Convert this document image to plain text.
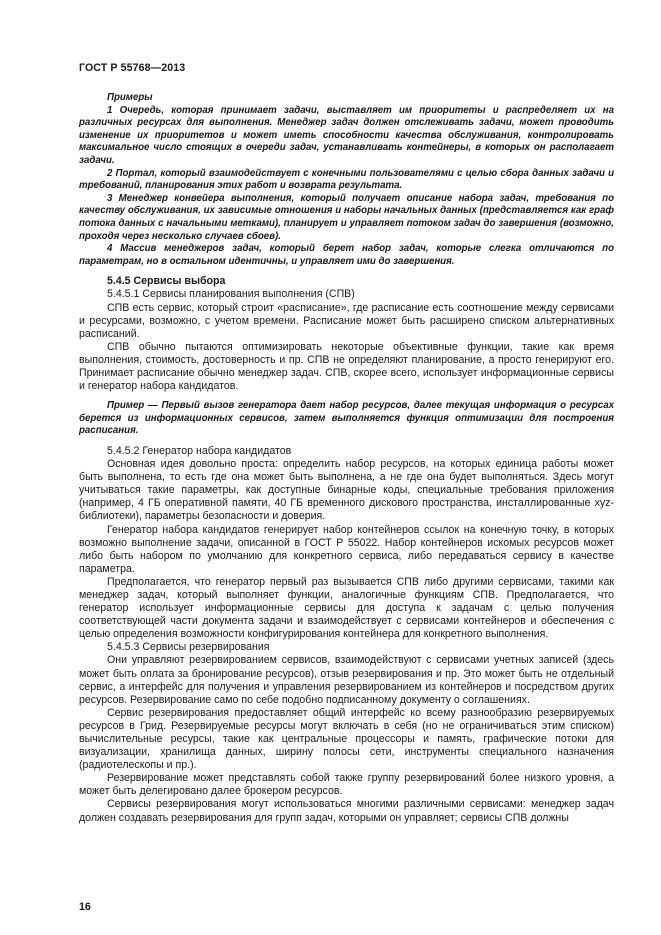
ГОСТ Р 55768—2013

Примеры

1 Очередь, которая принимает задачи, выставляет им приоритеты и распределяет их на различных ресурсах для выполнения. Менеджер задач должен отслеживать задачи, может проводить изменение их приоритетов и может иметь способности качества обслуживания, контролировать максимальное число стоящих в очереди задач, устанавливать контейнеры, в которых он располагает задачи.

2 Портал, который взаимодействует с конечными пользователями с целью сбора данных задачи и требований, планирования этих работ и возврата результата.

3 Менеджер конвейера выполнения, который получает описание набора задач, требования по качеству обслуживания, их зависимые отношения и наборы начальных данных (представляется как граф потока данных с начальными метками), планирует и управляет потоком задач до завершения (возможно, проходя через несколько случаев сбоев).

4 Массив менеджеров задач, который берет набор задач, которые слегка отличаются по параметрам, но в остальном идентичны, и управляет ими до завершения.

5.4.5 Сервисы выбора

5.4.5.1 Сервисы планирования выполнения (СПВ)

СПВ есть сервис, который строит «расписание», где расписание есть соотношение между сервисами и ресурсами, возможно, с учетом времени. Расписание может быть расширено списком альтернативных расписаний.

СПВ обычно пытаются оптимизировать некоторые объективные функции, такие как время выполнения, стоимость, достоверность и пр. СПВ не определяют планирование, а просто генерируют его. Принимает расписание обычно менеджер задач. СПВ, скорее всего, использует информационные сервисы и генератор набора кандидатов.

Пример — Первый вызов генератора дает набор ресурсов, далее текущая информация о ресурсах берется из информационных сервисов, затем выполняется функция оптимизации для построения расписания.

5.4.5.2 Генератор набора кандидатов

Основная идея довольно проста: определить набор ресурсов, на которых единица работы может быть выполнена, то есть где она может быть выполнена, а не где она будет выполняться. Здесь могут учитываться такие параметры, как доступные бинарные коды, специальные требования приложения (например, 4 ГБ оперативной памяти, 40 ГБ временного дискового пространства, инсталлированные xyz-библиотеки), параметры безопасности и доверия.

Генератор набора кандидатов генерирует набор контейнеров ссылок на конечную точку, в которых возможно выполнение задачи, описанной в ГОСТ Р 55022. Набор контейнеров искомых ресурсов может либо быть набором по умолчанию для конкретного сервиса, либо передаваться сервису в качестве параметра.

Предполагается, что генератор первый раз вызывается СПВ либо другими сервисами, такими как менеджер задач, который выполняет функции, аналогичные функциям СПВ. Предполагается, что генератор использует информационные сервисы для доступа к задачам с целью получения соответствующей части документа задачи и взаимодействует с сервисами контейнеров и обеспечения с целью определения возможности конфигурирования контейнера для конкретного выполнения.

5.4.5.3 Сервисы резервирования

Они управляют резервированием сервисов, взаимодействуют с сервисами учетных записей (здесь может быть оплата за бронирование ресурсов), отзыв резервирования и пр. Это может быть не отдельный сервис, а интерфейс для получения и управления резервированием из контейнеров и посредством других ресурсов. Резервирование само по себе подобно подписанному документу о соглашениях.

Сервис резервирования предоставляет общий интерфейс ко всему разнообразию резервируемых ресурсов в Грид. Резервируемые ресурсы могут включать в себя (но не ограничиваться этим списком) вычислительные ресурсы, такие как центральные процессоры и память, графические потоки для визуализации, хранилища данных, ширину полосы сети, инструменты специального назначения (радиотелескопы и пр.).

Резервирование может представлять собой также группу резервирований более низкого уровня, а может быть делегировано далее брокером ресурсов.

Сервисы резервирования могут использоваться многими различными сервисами: менеджер задач должен создавать резервирования для групп задач, которыми он управляет; сервисы СПВ должны

16
